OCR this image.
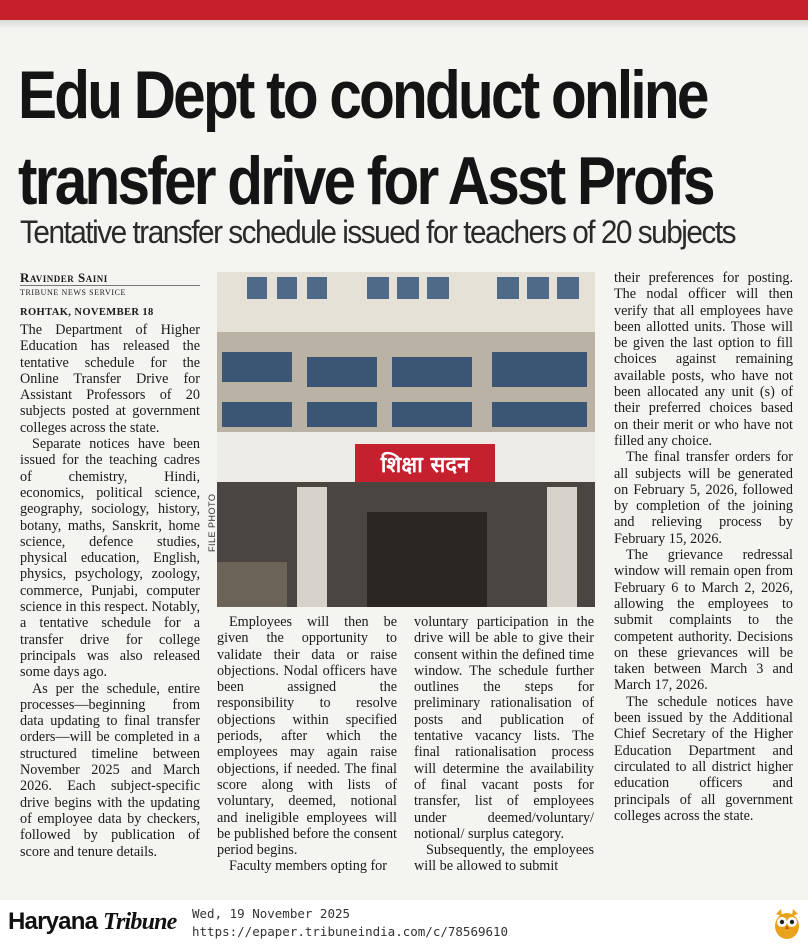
Edu Dept to conduct online
transfer drive for Asst Profs

Tentative transfer schedule issued for teachers of 20 subjects

Ravinder Saini
TRIBUNE NEWS SERVICE
ROHTAK, NOVEMBER 18

The Department of Higher Education has released the tentative schedule for the Online Transfer Drive for Assistant Professors of 20 subjects posted at government colleges across the state.

Separate notices have been issued for the teaching cadres of chemistry, Hindi, economics, political science, geography, sociology, history, botany, maths, Sanskrit, home science, defence studies, physical education, English, physics, psychology, zoology, commerce, Punjabi, computer science in this respect. Notably, a tentative schedule for a transfer drive for college principals was also released some days ago.

As per the schedule, entire processes—beginning from data updating to final transfer orders—will be completed in a structured timeline between November 2025 and March 2026. Each subject-specific drive begins with the updating of employee data by checkers, followed by publication of score and tenure details.

शिक्षा सदन
FILE PHOTO

Employees will then be given the opportunity to validate their data or raise objections. Nodal officers have been assigned the responsibility to resolve objections within specified periods, after which the employees may again raise objections, if needed. The final score along with lists of voluntary, deemed, notional and ineligible employees will be published before the consent period begins.

Faculty members opting for

voluntary participation in the drive will be able to give their consent within the defined time window. The schedule further outlines the steps for preliminary rationalisation of posts and publication of tentative vacancy lists. The final rationalisation process will determine the availability of final vacant posts for transfer, list of employees under deemed/voluntary/ notional/ surplus category.

Subsequently, the employees will be allowed to submit

their preferences for posting. The nodal officer will then verify that all employees have been allotted units. Those will be given the last option to fill choices against remaining available posts, who have not been allocated any unit (s) of their preferred choices based on their merit or who have not filled any choice.

The final transfer orders for all subjects will be generated on February 5, 2026, followed by completion of the joining and relieving process by February 15, 2026.

The grievance redressal window will remain open from February 6 to March 2, 2026, allowing the employees to submit complaints to the competent authority. Decisions on these grievances will be taken between March 3 and March 17, 2026.

The schedule notices have been issued by the Additional Chief Secretary of the Higher Education Department and circulated to all district higher education officers and principals of all government colleges across the state.

Haryana Tribune Wed, 19 November 2025
https://epaper.tribuneindia.com/c/78569610
